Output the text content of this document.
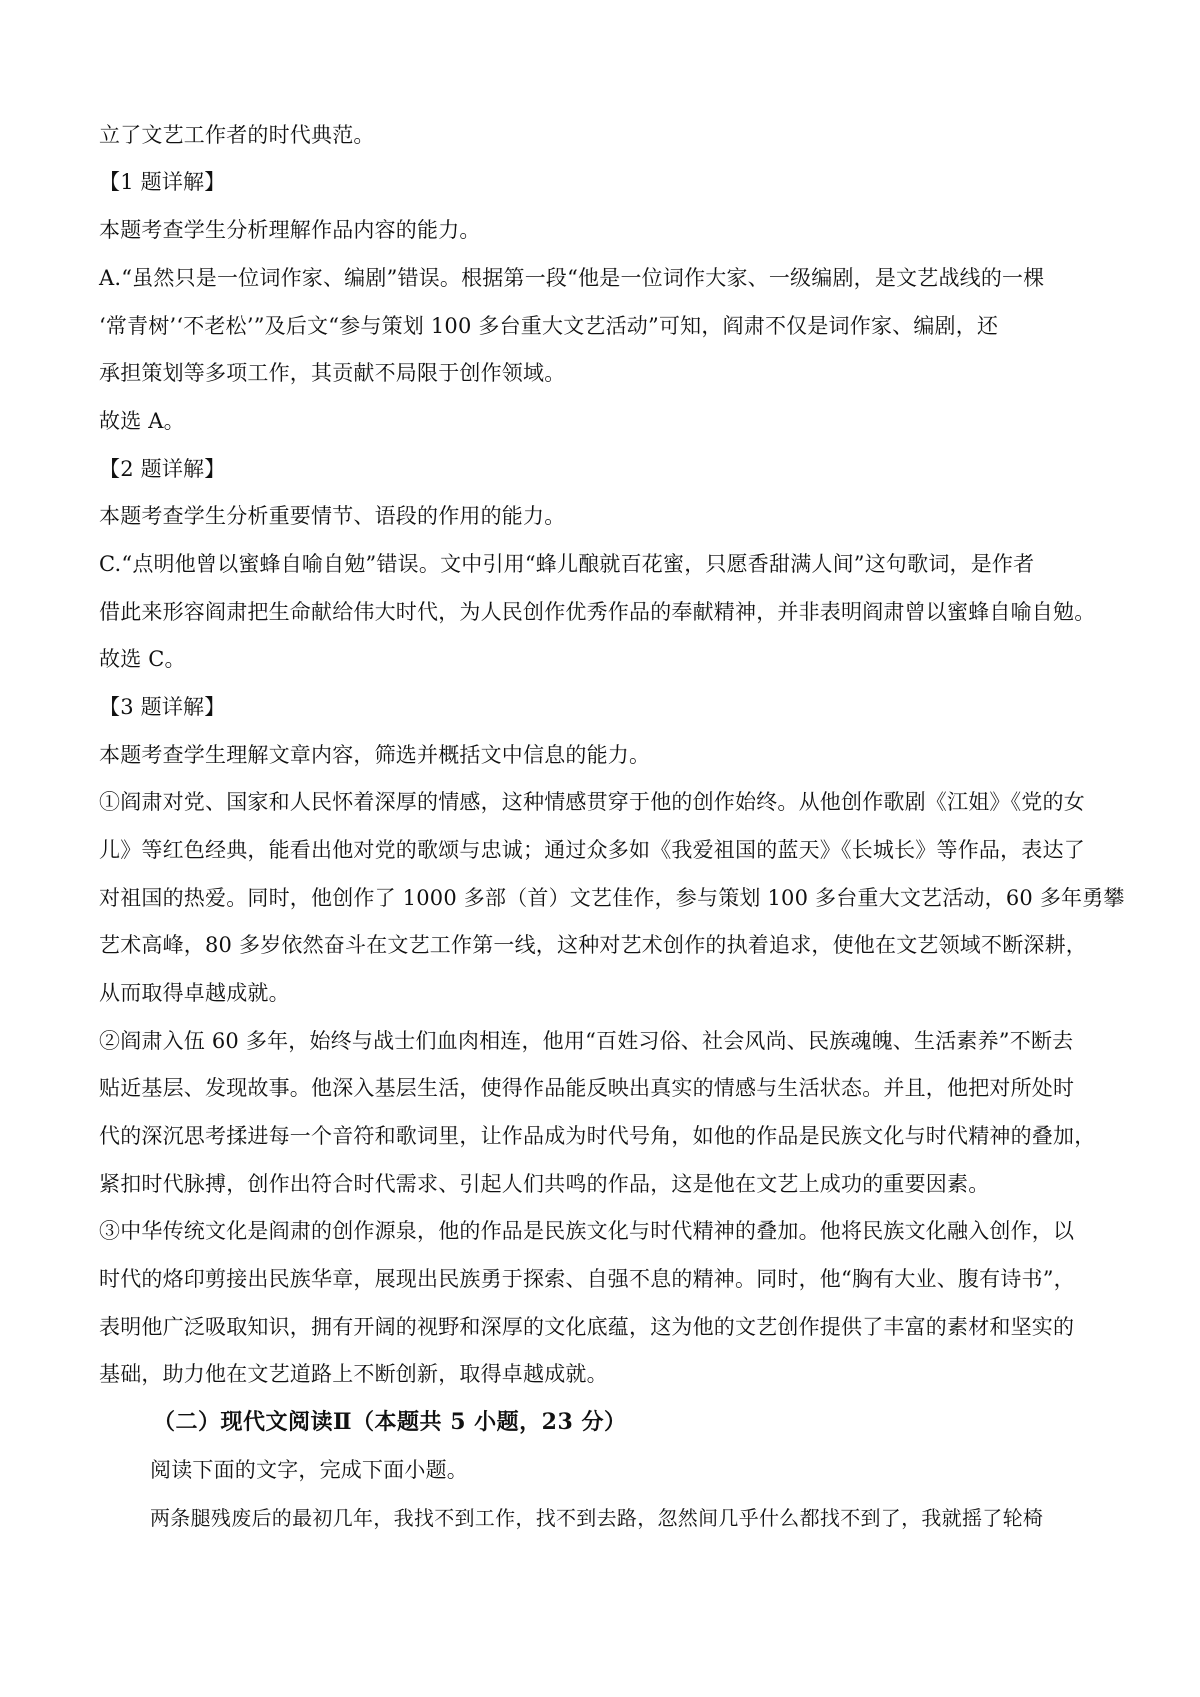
立了文艺工作者的时代典范。
【1 题详解】
本题考查学生分析理解作品内容的能力。
A.“虽然只是一位词作家、编剧”错误。根据第一段“他是一位词作大家、一级编剧，是文艺战线的一棵
‘常青树’‘不老松’”及后文“参与策划 100 多台重大文艺活动”可知，阎肃不仅是词作家、编剧，还
承担策划等多项工作，其贡献不局限于创作领域。
故选 A。
【2 题详解】
本题考查学生分析重要情节、语段的作用的能力。
C.“点明他曾以蜜蜂自喻自勉”错误。文中引用“蜂儿酿就百花蜜，只愿香甜满人间”这句歌词，是作者
借此来形容阎肃把生命献给伟大时代，为人民创作优秀作品的奉献精神，并非表明阎肃曾以蜜蜂自喻自勉。
故选 C。
【3 题详解】
本题考查学生理解文章内容，筛选并概括文中信息的能力。
①阎肃对党、国家和人民怀着深厚的情感，这种情感贯穿于他的创作始终。从他创作歌剧《江姐》《党的女
儿》等红色经典，能看出他对党的歌颂与忠诚；通过众多如《我爱祖国的蓝天》《长城长》等作品，表达了
对祖国的热爱。同时，他创作了 1000 多部（首）文艺佳作，参与策划 100 多台重大文艺活动，60 多年勇攀
艺术高峰，80 多岁依然奋斗在文艺工作第一线，这种对艺术创作的执着追求，使他在文艺领域不断深耕，
从而取得卓越成就。
②阎肃入伍 60 多年，始终与战士们血肉相连，他用“百姓习俗、社会风尚、民族魂魄、生活素养”不断去
贴近基层、发现故事。他深入基层生活，使得作品能反映出真实的情感与生活状态。并且，他把对所处时
代的深沉思考揉进每一个音符和歌词里，让作品成为时代号角，如他的作品是民族文化与时代精神的叠加，
紧扣时代脉搏，创作出符合时代需求、引起人们共鸣的作品，这是他在文艺上成功的重要因素。
③中华传统文化是阎肃的创作源泉，他的作品是民族文化与时代精神的叠加。他将民族文化融入创作，以
时代的烙印剪接出民族华章，展现出民族勇于探索、自强不息的精神。同时，他“胸有大业、腹有诗书”，
表明他广泛吸取知识，拥有开阔的视野和深厚的文化底蕴，这为他的文艺创作提供了丰富的素材和坚实的
基础，助力他在文艺道路上不断创新，取得卓越成就。
（二）现代文阅读Ⅱ（本题共 5 小题，23 分）
阅读下面的文字，完成下面小题。
两条腿残废后的最初几年，我找不到工作，找不到去路，忽然间几乎什么都找不到了，我就摇了轮椅
